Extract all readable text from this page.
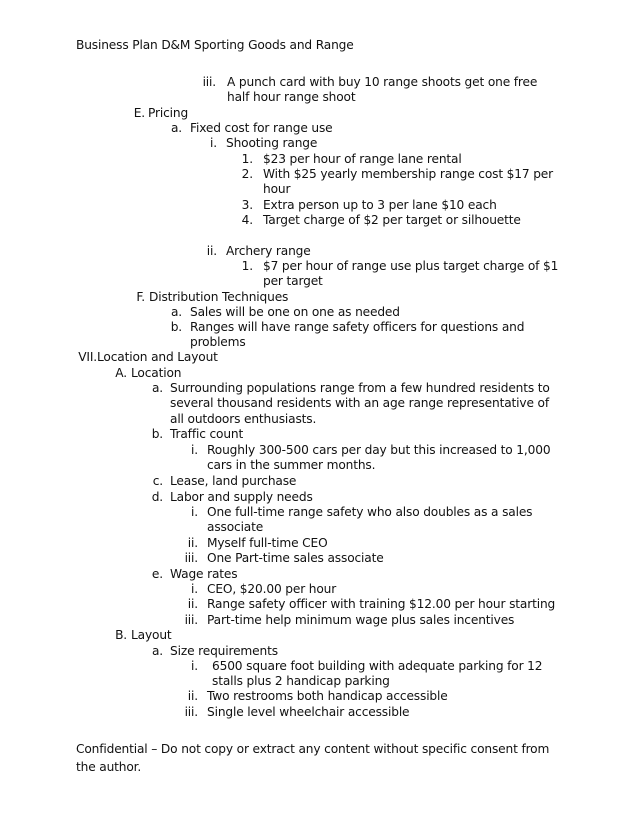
Business Plan D&M Sporting Goods and Range
iii. A punch card with buy 10 range shoots get one free
half hour range shoot
E. Pricing
a. Fixed cost for range use
i. Shooting range
1. $23 per hour of range lane rental
2. With $25 yearly membership range cost $17 per
hour
3. Extra person up to 3 per lane $10 each
4. Target charge of $2 per target or silhouette
ii. Archery range
1. $7 per hour of range use plus target charge of $1
per target
F. Distribution Techniques
a. Sales will be one on one as needed
b. Ranges will have range safety officers for questions and
problems
VII. Location and Layout
A. Location
a. Surrounding populations range from a few hundred residents to
several thousand residents with an age range representative of
all outdoors enthusiasts.
b. Traffic count
i. Roughly 300-500 cars per day but this increased to 1,000
cars in the summer months.
c. Lease, land purchase
d. Labor and supply needs
i. One full-time range safety who also doubles as a sales
associate
ii. Myself full-time CEO
iii. One Part-time sales associate
e. Wage rates
i. CEO, $20.00 per hour
ii. Range safety officer with training $12.00 per hour starting
iii. Part-time help minimum wage plus sales incentives
B. Layout
a. Size requirements
i. 6500 square foot building with adequate parking for 12
stalls plus 2 handicap parking
ii. Two restrooms both handicap accessible
iii. Single level wheelchair accessible
Confidential – Do not copy or extract any content without specific consent from
the author.
